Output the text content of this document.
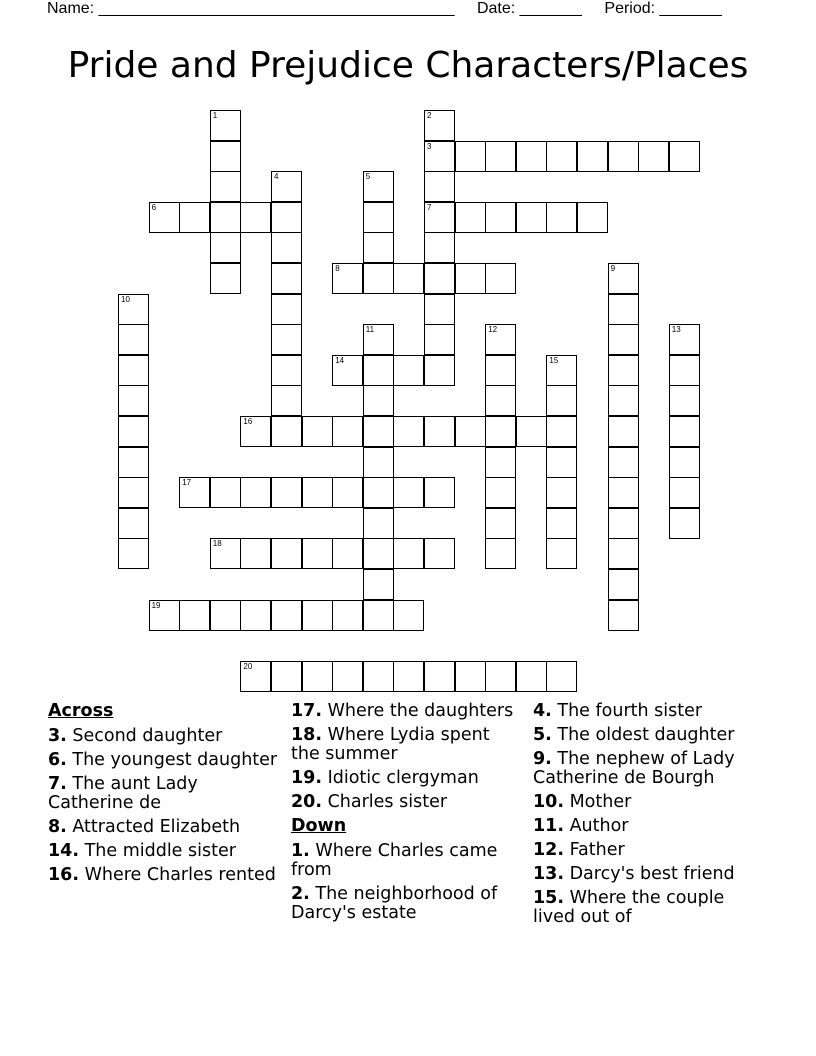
Name: ________________________________________ Date: _______ Period: _______
Pride and Prejudice Characters/Places
1	2
3
7
4	5
6
8	9
10
11	12	13
14	15
16
17
18
19
20
Across
3. Second daughter
6. The youngest daughter
7. The aunt Lady Catherine de
8. Attracted Elizabeth
14. The middle sister
16. Where Charles rented
17. Where the daughters
18. Where Lydia spent the summer
19. Idiotic clergyman
20. Charles sister
Down
1. Where Charles came from
2. The neighborhood of Darcy's estate
4. The fourth sister
5. The oldest daughter
9. The nephew of Lady Catherine de Bourgh
10. Mother
11. Author
12. Father
13. Darcy's best friend
15. Where the couple lived out of
